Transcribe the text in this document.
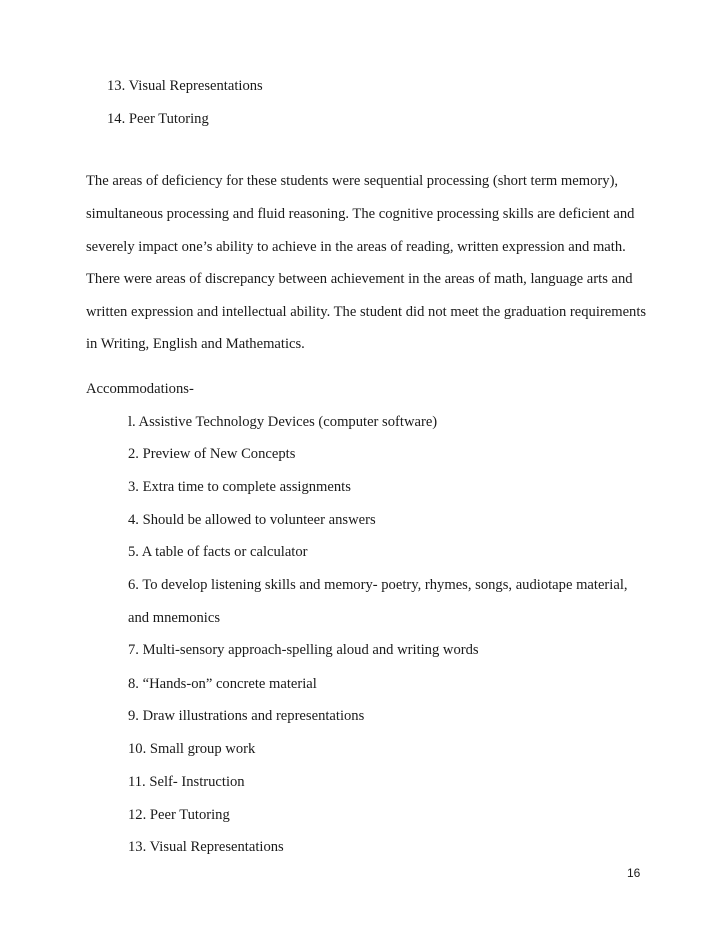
13. Visual Representations
14. Peer Tutoring
The areas of deficiency for these students were sequential processing (short term memory),
simultaneous processing and fluid reasoning. The cognitive processing skills are deficient and
severely impact one’s ability to achieve in the areas of reading, written expression and math.
There were areas of discrepancy between achievement in the areas of math, language arts and
written expression and intellectual ability. The student did not meet the graduation requirements
in Writing, English and Mathematics.
Accommodations-
l. Assistive Technology Devices (computer software)
2. Preview of New Concepts
3. Extra time to complete assignments
4. Should be allowed to volunteer answers
5. A table of facts or calculator
6. To develop listening skills and memory- poetry, rhymes, songs, audiotape material,
and mnemonics
7. Multi-sensory approach-spelling aloud and writing words
8. “Hands-on” concrete material
9. Draw illustrations and representations
10. Small group work
11. Self- Instruction
12. Peer Tutoring
13. Visual Representations
16
